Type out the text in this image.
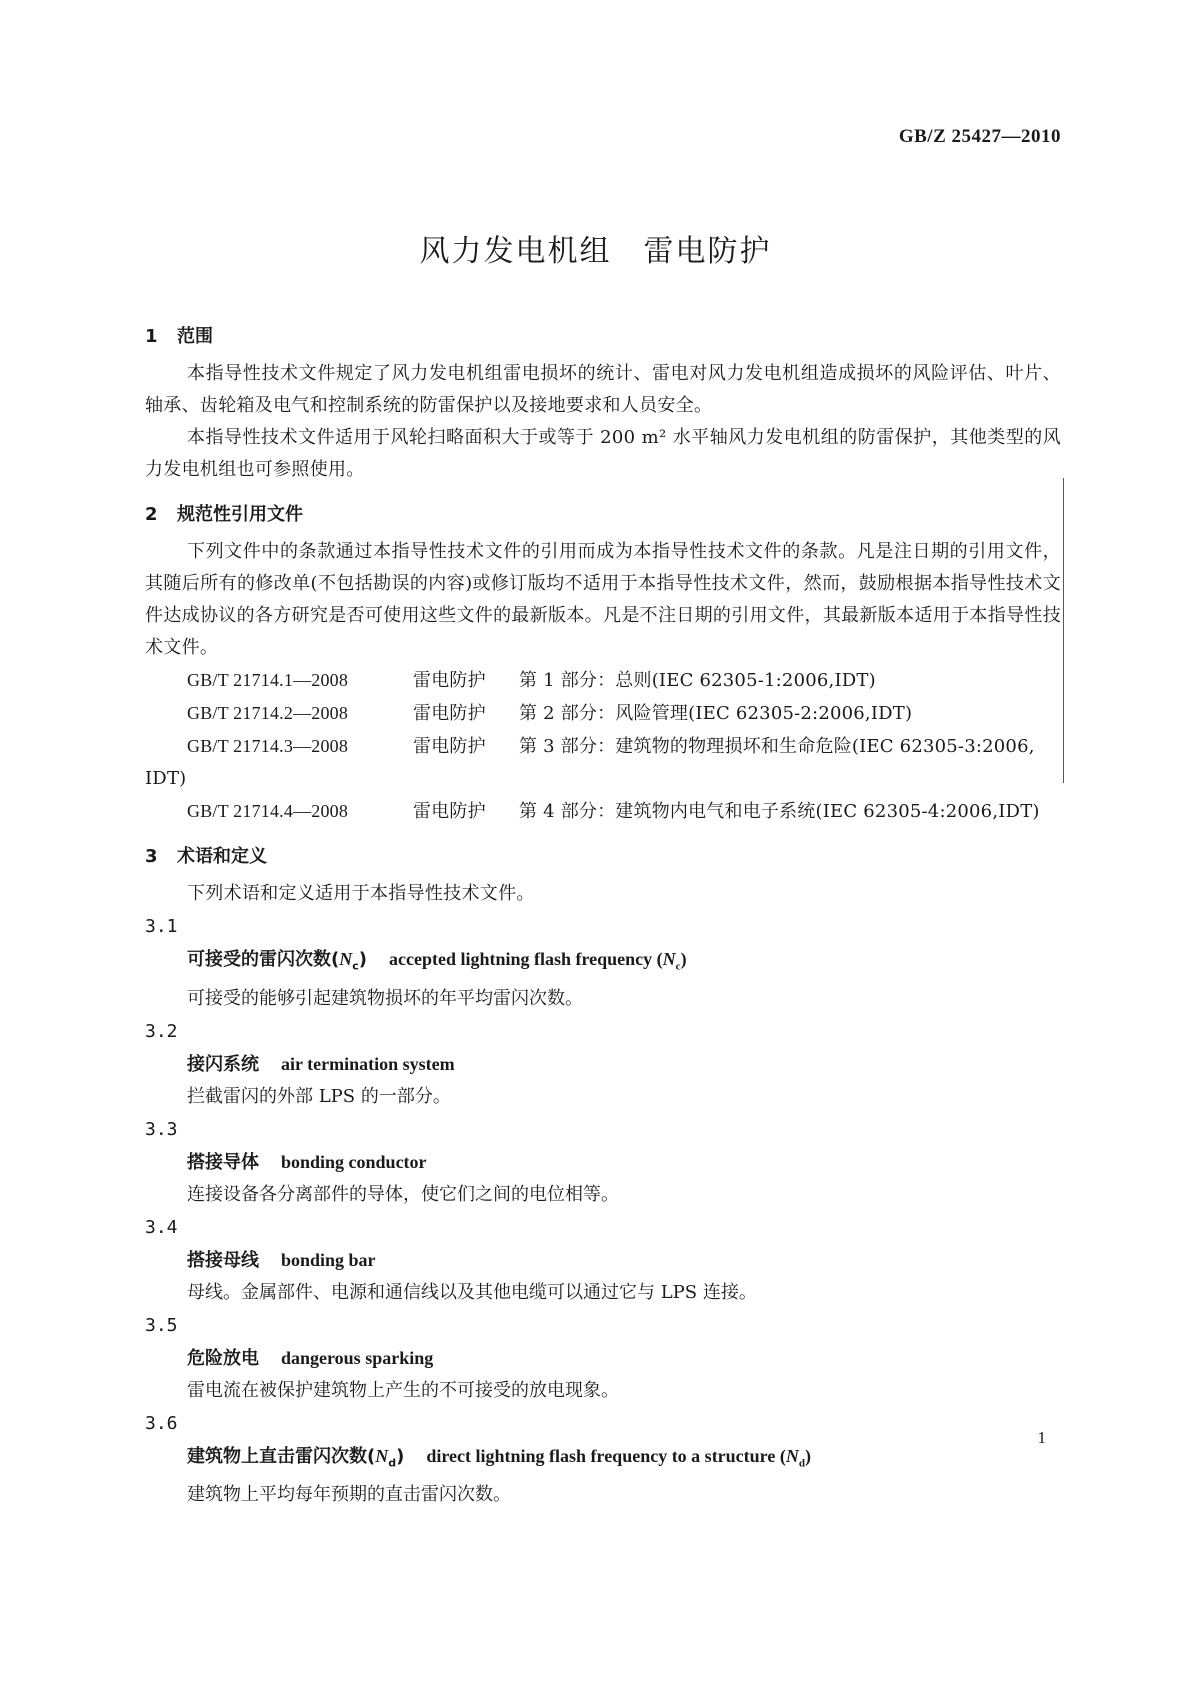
GB/Z 25427—2010
风力发电机组　雷电防护
1 范围

本指导性技术文件规定了风力发电机组雷电损坏的统计、雷电对风力发电机组造成损坏的风险评估、叶片、轴承、齿轮箱及电气和控制系统的防雷保护以及接地要求和人员安全。

本指导性技术文件适用于风轮扫略面积大于或等于 200 m² 水平轴风力发电机组的防雷保护，其他类型的风力发电机组也可参照使用。

2 规范性引用文件

下列文件中的条款通过本指导性技术文件的引用而成为本指导性技术文件的条款。凡是注日期的引用文件，其随后所有的修改单(不包括勘误的内容)或修订版均不适用于本指导性技术文件，然而，鼓励根据本指导性技术文件达成协议的各方研究是否可使用这些文件的最新版本。凡是不注日期的引用文件，其最新版本适用于本指导性技术文件。

GB/T 21714.1—2008	雷电防护 第 1 部分：总则(IEC 62305-1:2006,IDT)
GB/T 21714.2—2008	雷电防护 第 2 部分：风险管理(IEC 62305-2:2006,IDT)
GB/T 21714.3—2008	雷电防护 第 3 部分：建筑物的物理损坏和生命危险(IEC 62305-3:2006, IDT)
GB/T 21714.4—2008	雷电防护 第 4 部分：建筑物内电气和电子系统(IEC 62305-4:2006,IDT)
3 术语和定义

下列术语和定义适用于本指导性技术文件。

3.1
可接受的雷闪次数$(N_c)$ accepted lightning flash frequency $(N_c)$
可接受的能够引起建筑物损坏的年平均雷闪次数。
3.2
接闪系统 air termination system
拦截雷闪的外部 LPS 的一部分。
3.3
搭接导体 bonding conductor
连接设备各分离部件的导体，使它们之间的电位相等。
3.4
搭接母线 bonding bar
母线。金属部件、电源和通信线以及其他电缆可以通过它与 LPS 连接。
3.5
危险放电 dangerous sparking
雷电流在被保护建筑物上产生的不可接受的放电现象。
3.6
建筑物上直击雷闪次数$(N_d)$ direct lightning flash frequency to a structure $(N_d)$
建筑物上平均每年预期的直击雷闪次数。
1
